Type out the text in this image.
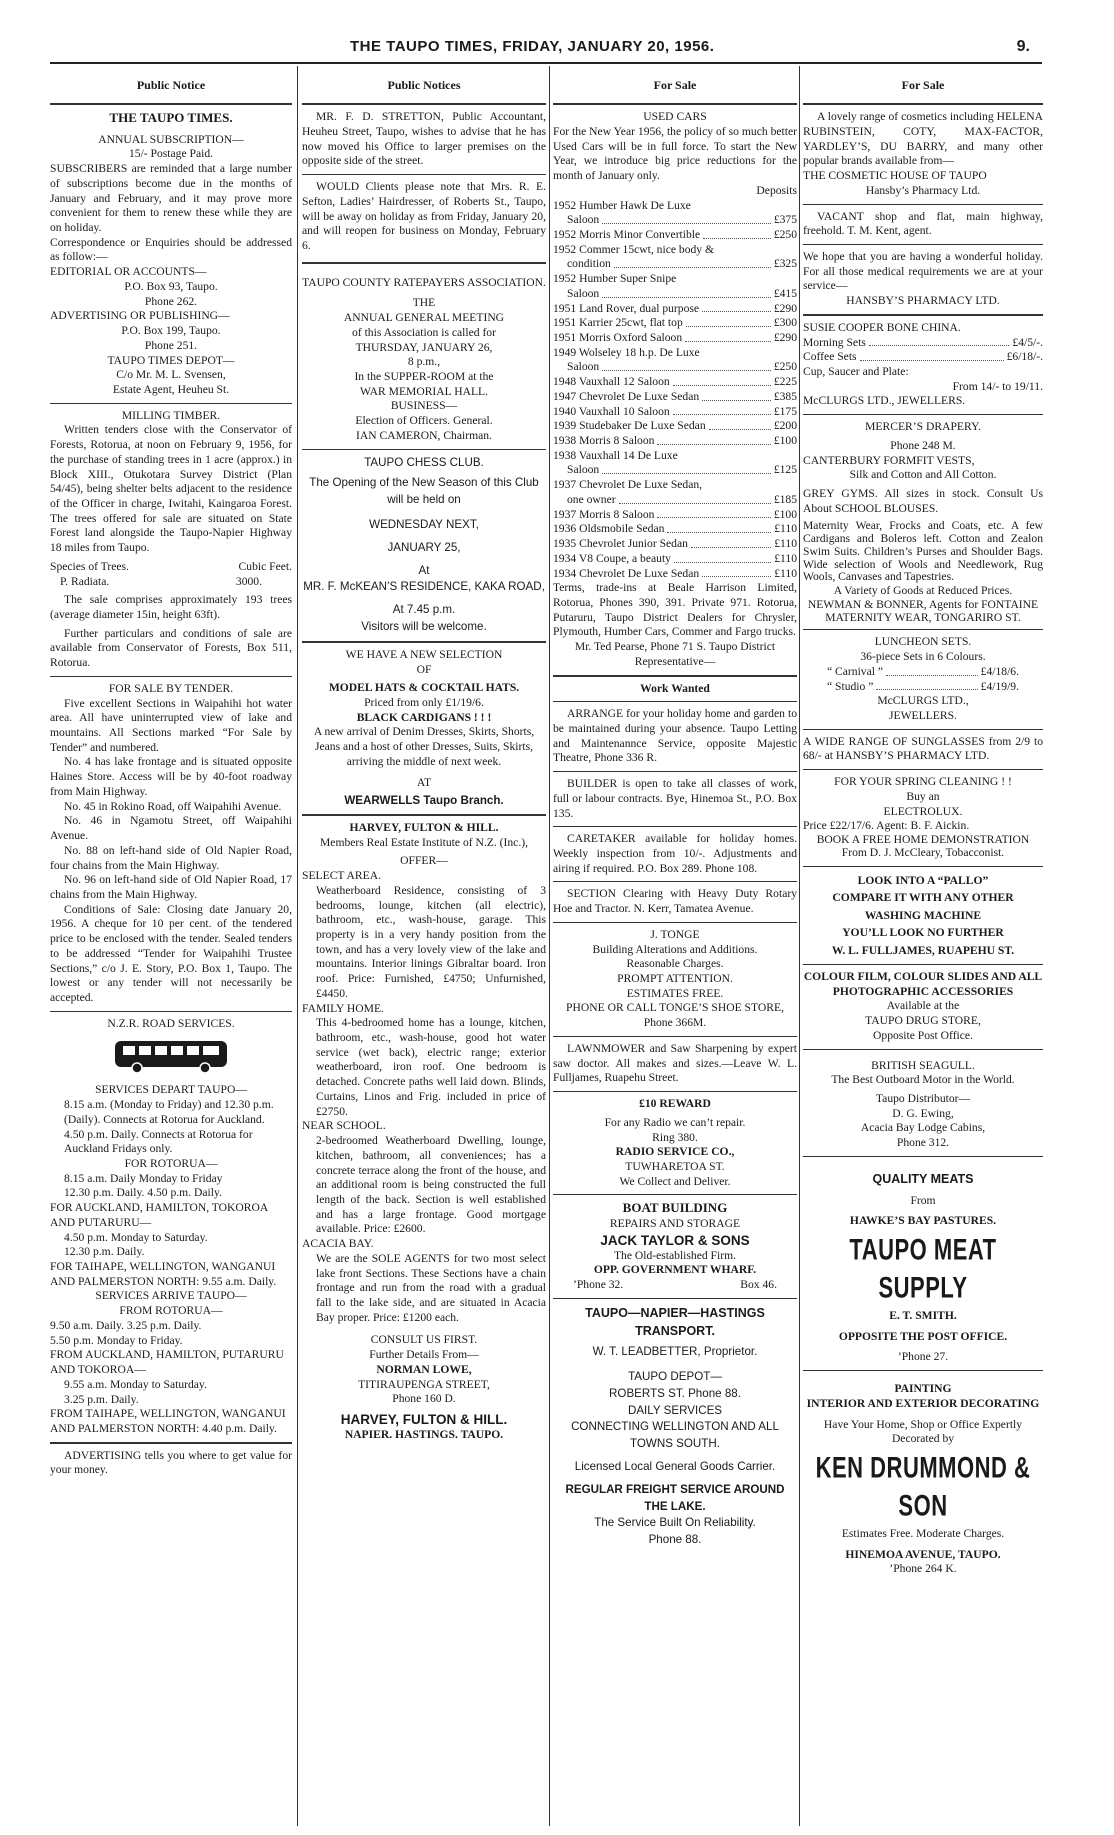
THE TAUPO TIMES, FRIDAY, JANUARY 20, 1956.	9.
Public Notice

THE TAUPO TIMES.

ANNUAL SUBSCRIPTION—

15/- Postage Paid.

SUBSCRIBERS are reminded that a large number of subscriptions become due in the months of January and February, and it may prove more convenient for them to renew these while they are on holiday.

Correspondence or Enquiries should be addressed as follow:—

EDITORIAL OR ACCOUNTS—

P.O. Box 93, Taupo.

Phone 262.

ADVERTISING OR PUBLISHING—

P.O. Box 199, Taupo.

Phone 251.

TAUPO TIMES DEPOT—

C/o Mr. M. L. Svensen,

Estate Agent, Heuheu St.

MILLING TIMBER.

Written tenders close with the Conservator of Forests, Rotorua, at noon on February 9, 1956, for the purchase of standing trees in 1 acre (approx.) in Block XIII., Otukotara Survey District (Plan 54/45), being shelter belts adjacent to the residence of the Officer in charge, Iwitahi, Kaingaroa Forest. The trees offered for sale are situated on State Forest land alongside the Taupo-Napier Highway 18 miles from Taupo.

Species of Trees.	Cubic Feet.
P. Radiata.	3000.

The sale comprises approximately 193 trees (average diameter 15in, height 63ft).

Further particulars and conditions of sale are available from Conservator of Forests, Box 511, Rotorua.

FOR SALE BY TENDER.

Five excellent Sections in Waipahihi hot water area. All have uninterrupted view of lake and mountains. All Sections marked “For Sale by Tender” and numbered.

No. 4 has lake frontage and is situated opposite Haines Store. Access will be by 40-foot roadway from Main Highway.

No. 45 in Rokino Road, off Waipahihi Avenue.

No. 46 in Ngamotu Street, off Waipahihi Avenue.

No. 88 on left-hand side of Old Napier Road, four chains from the Main Highway.

No. 96 on left-hand side of Old Napier Road, 17 chains from the Main Highway.

Conditions of Sale: Closing date January 20, 1956. A cheque for 10 per cent. of the tendered price to be enclosed with the tender. Sealed tenders to be addressed “Tender for Waipahihi Trustee Sections,” c/o J. E. Story, P.O. Box 1, Taupo. The lowest or any tender will not necessarily be accepted.

N.Z.R. ROAD SERVICES.

SERVICES DEPART TAUPO—

8.15 a.m. (Monday to Friday) and 12.30 p.m. (Daily). Connects at Rotorua for Auckland.

4.50 p.m. Daily. Connects at Rotorua for Auckland Fridays only.

FOR ROTORUA—

8.15 a.m. Daily Monday to Friday

12.30 p.m. Daily. 4.50 p.m. Daily.

FOR AUCKLAND, HAMILTON, TOKOROA AND PUTARURU—

4.50 p.m. Monday to Saturday.

12.30 p.m. Daily.

FOR TAIHAPE, WELLINGTON, WANGANUI AND PALMERSTON NORTH: 9.55 a.m. Daily.

SERVICES ARRIVE TAUPO—

FROM ROTORUA—

9.50 a.m. Daily. 3.25 p.m. Daily.

5.50 p.m. Monday to Friday.

FROM AUCKLAND, HAMILTON, PUTARURU AND TOKOROA—

9.55 a.m. Monday to Saturday.

3.25 p.m. Daily.

FROM TAIHAPE, WELLINGTON, WANGANUI AND PALMERSTON NORTH: 4.40 p.m. Daily.

ADVERTISING tells you where to get value for your money.

Public Notices

MR. F. D. STRETTON, Public Accountant, Heuheu Street, Taupo, wishes to advise that he has now moved his Office to larger premises on the opposite side of the street.

WOULD Clients please note that Mrs. R. E. Sefton, Ladies’ Hairdresser, of Roberts St., Taupo, will be away on holiday as from Friday, January 20, and will reopen for business on Monday, February 6.

TAUPO COUNTY RATEPAYERS ASSOCIATION.

THE

ANNUAL GENERAL MEETING

of this Association is called for

THURSDAY, JANUARY 26,

8 p.m.,

In the SUPPER-ROOM at the

WAR MEMORIAL HALL.

BUSINESS—

Election of Officers. General.

IAN CAMERON, Chairman.

TAUPO CHESS CLUB.

The Opening of the New Season of this Club will be held on

WEDNESDAY NEXT,

JANUARY 25,

At

MR. F. McKEAN’S RESIDENCE, KAKA ROAD,

At 7.45 p.m.

Visitors will be welcome.

WE HAVE A NEW SELECTION

OF

MODEL HATS & COCKTAIL HATS.

Priced from only £1/19/6.

BLACK CARDIGANS ! ! !

A new arrival of Denim Dresses, Skirts, Shorts, Jeans and a host of other Dresses, Suits, Skirts, arriving the middle of next week.

AT

WEARWELLS Taupo Branch.

HARVEY, FULTON & HILL.

Members Real Estate Institute of N.Z. (Inc.),

OFFER—

SELECT AREA.

Weatherboard Residence, consisting of 3 bedrooms, lounge, kitchen (all electric), bathroom, etc., wash-house, garage. This property is in a very handy position from the town, and has a very lovely view of the lake and mountains. Interior linings Gibraltar board. Iron roof. Price: Furnished, £4750; Unfurnished, £4450.

FAMILY HOME.

This 4-bedroomed home has a lounge, kitchen, bathroom, etc., wash-house, good hot water service (wet back), electric range; exterior weatherboard, iron roof. One bedroom is detached. Concrete paths well laid down. Blinds, Curtains, Linos and Frig. included in price of £2750.

NEAR SCHOOL.

2-bedroomed Weatherboard Dwelling, lounge, kitchen, bathroom, all conveniences; has a concrete terrace along the front of the house, and an additional room is being constructed the full length of the back. Section is well established and has a large frontage. Good mortgage available. Price: £2600.

ACACIA BAY.

We are the SOLE AGENTS for two most select lake front Sections. These Sections have a chain frontage and run from the road with a gradual fall to the lake side, and are situated in Acacia Bay proper. Price: £1200 each.

CONSULT US FIRST.

Further Details From—

NORMAN LOWE,

TITIRAUPENGA STREET,

Phone 160 D.

HARVEY, FULTON & HILL.

NAPIER. HASTINGS. TAUPO.

For Sale

USED CARS

For the New Year 1956, the policy of so much better Used Cars will be in full force. To start the New Year, we introduce big price reductions for the month of January only.

Deposits

1952 Humber Hawk De Luxe
Saloon	£375
1952 Morris Minor Convertible	£250
1952 Commer 15cwt, nice body &
condition	£325
1952 Humber Super Snipe
Saloon	£415
1951 Land Rover, dual purpose	£290
1951 Karrier 25cwt, flat top	£300
1951 Morris Oxford Saloon	£290
1949 Wolseley 18 h.p. De Luxe
Saloon	£250
1948 Vauxhall 12 Saloon	£225
1947 Chevrolet De Luxe Sedan	£385
1940 Vauxhall 10 Saloon	£175
1939 Studebaker De Luxe Sedan	£200
1938 Morris 8 Saloon	£100
1938 Vauxhall 14 De Luxe
Saloon	£125
1937 Chevrolet De Luxe Sedan,
one owner	£185
1937 Morris 8 Saloon	£100
1936 Oldsmobile Sedan	£110
1935 Chevrolet Junior Sedan	£110
1934 V8 Coupe, a beauty	£110
1934 Chevrolet De Luxe Sedan	£110

Terms, trade-ins at Beale Harrison Limited, Rotorua, Phones 390, 391. Private 971. Rotorua, Putaruru, Taupo District Dealers for Chrysler, Plymouth, Humber Cars, Commer and Fargo trucks.

Mr. Ted Pearse, Phone 71 S. Taupo District Representative—

Work Wanted

ARRANGE for your holiday home and garden to be maintained during your absence. Taupo Letting and Maintenannce Service, opposite Majestic Theatre, Phone 336 R.

BUILDER is open to take all classes of work, full or labour contracts. Bye, Hinemoa St., P.O. Box 135.

CARETAKER available for holiday homes. Weekly inspection from 10/-. Adjustments and airing if required. P.O. Box 289. Phone 108.

SECTION Clearing with Heavy Duty Rotary Hoe and Tractor. N. Kerr, Tamatea Avenue.

J. TONGE

Building Alterations and Additions.

Reasonable Charges.

PROMPT ATTENTION.

ESTIMATES FREE.

PHONE OR CALL TONGE’S SHOE STORE, Phone 366M.

LAWNMOWER and Saw Sharpening by expert saw doctor. All makes and sizes.—Leave W. L. Fulljames, Ruapehu Street.

£10 REWARD

For any Radio we can’t repair.

Ring 380.

RADIO SERVICE CO.,

TUWHARETOA ST.

We Collect and Deliver.

BOAT BUILDING

REPAIRS AND STORAGE

JACK TAYLOR & SONS

The Old-established Firm.

OPP. GOVERNMENT WHARF.

’Phone 32.	Box 46.

TAUPO—NAPIER—HASTINGS TRANSPORT.

W. T. LEADBETTER, Proprietor.

TAUPO DEPOT—

ROBERTS ST. Phone 88.

DAILY SERVICES

CONNECTING WELLINGTON AND ALL TOWNS SOUTH.

Licensed Local General Goods Carrier.

REGULAR FREIGHT SERVICE AROUND THE LAKE.

The Service Built On Reliability.

Phone 88.

For Sale

A lovely range of cosmetics including HELENA RUBINSTEIN, COTY, MAX-FACTOR, YARDLEY’S, DU BARRY, and many other popular brands available from—

THE COSMETIC HOUSE OF TAUPO

Hansby’s Pharmacy Ltd.

VACANT shop and flat, main highway, freehold. T. M. Kent, agent.

We hope that you are having a wonderful holiday. For all those medical requirements we are at your service—

HANSBY’S PHARMACY LTD.

SUSIE COOPER BONE CHINA.

Morning Sets	£4/5/-.
Coffee Sets	£6/18/-.

Cup, Saucer and Plate:

From 14/- to 19/11.

McCLURGS LTD., JEWELLERS.

MERCER’S DRAPERY.

Phone 248 M.

CANTERBURY FORMFIT VESTS,

Silk and Cotton and All Cotton.

GREY GYMS. All sizes in stock. Consult Us About SCHOOL BLOUSES.

Maternity Wear, Frocks and Coats, etc. A few Cardigans and Boleros left. Cotton and Zealon Swim Suits. Children’s Purses and Shoulder Bags. Wide selection of Wools and Needlework, Rug Wools, Canvases and Tapestries.

A Variety of Goods at Reduced Prices.

NEWMAN & BONNER, Agents for FONTAINE MATERNITY WEAR, TONGARIRO ST.

LUNCHEON SETS.

36-piece Sets in 6 Colours.

“ Carnival ”	£4/18/6.
“ Studio ”	£4/19/9.

McCLURGS LTD.,

JEWELLERS.

A WIDE RANGE OF SUNGLASSES from 2/9 to 68/- at HANSBY’S PHARMACY LTD.

FOR YOUR SPRING CLEANING ! !

Buy an

ELECTROLUX.

Price £22/17/6. Agent: B. F. Aickin.

BOOK A FREE HOME DEMONSTRATION

From D. J. McCleary, Tobacconist.

LOOK INTO A “PALLO”

COMPARE IT WITH ANY OTHER

WASHING MACHINE

YOU’LL LOOK NO FURTHER

W. L. FULLJAMES, RUAPEHU ST.

COLOUR FILM, COLOUR SLIDES AND ALL PHOTOGRAPHIC ACCESSORIES

Available at the

TAUPO DRUG STORE,

Opposite Post Office.

BRITISH SEAGULL.

The Best Outboard Motor in the World.

Taupo Distributor—

D. G. Ewing,

Acacia Bay Lodge Cabins,

Phone 312.

QUALITY MEATS

From

HAWKE’S BAY PASTURES.

TAUPO MEAT SUPPLY

E. T. SMITH.

OPPOSITE THE POST OFFICE.

’Phone 27.

PAINTING

INTERIOR AND EXTERIOR DECORATING

Have Your Home, Shop or Office Expertly Decorated by

KEN DRUMMOND & SON

Estimates Free. Moderate Charges.

HINEMOA AVENUE, TAUPO.

’Phone 264 K.
